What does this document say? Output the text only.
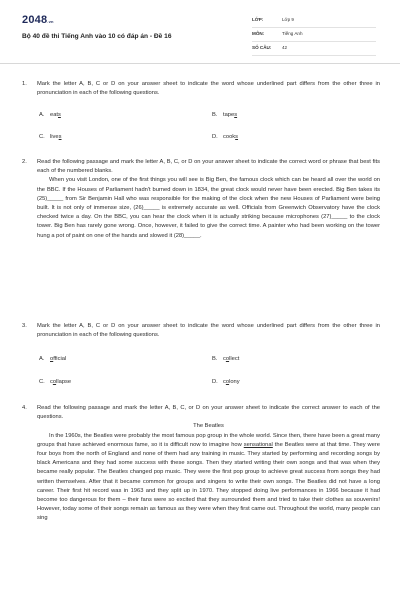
2048.vn
Bộ 40 đề thi Tiếng Anh vào 10 có đáp án - Đề 16
LỚP:	Lớp 9
MÔN:	Tiếng Anh
SỐ CÂU: 42
1.	Mark the letter A, B, C or D on your answer sheet to indicate the word whose underlined part differs from the other three in pronunciation in each of the following questions.

A. eats	B. tapes
C. lives	D. cooks
2.	Read the following passage and mark the letter A, B, C, or D on your answer sheet to indicate the correct word or phrase that best fits each of the numbered blanks.

When you visit London, one of the first things you will see is Big Ben, the famous clock which can be heard all over the world on the BBC. If the Houses of Parliament hadn't burned down in 1834, the great clock would never have been erected. Big Ben takes its (25)_____ from Sir Benjamin Hall who was responsible for the making of the clock when the new Houses of Parliament were being built. It is not only of immense size, (26)_____ is extremely accurate as well. Officials from Greenwich Observatory have the clock checked twice a day. On the BBC, you can hear the clock when it is actually striking because microphones (27)_____ to the clock tower. Big Ben has rarely gone wrong. Once, however, it failed to give the correct time. A painter who had been working on the tower hung a pot of paint on one of the hands and slowed it (28)_____.

3.	Mark the letter A, B, C or D on your answer sheet to indicate the word whose underlined part differs from the other three in pronunciation in each of the following questions.

A. official	B. collect
C. collapse	D. colony
4.	Read the following passage and mark the letter A, B, C, or D on your answer sheet to indicate the correct answer to each of the questions.

The Beatles

In the 1960s, the Beatles were probably the most famous pop group in the whole world. Since then, there have been a great many groups that have achieved enormous fame, so it is difficult now to imagine how sensational the Beatles were at that time. They were four boys from the north of England and none of them had any training in music. They started by performing and recording songs by black Americans and they had some success with these songs. Then they started writing their own songs and that was when they became really popular. The Beatles changed pop music. They were the first pop group to achieve great success from songs they had written themselves. After that it became common for groups and singers to write their own songs. The Beatles did not have a long career. Their first hit record was in 1963 and they split up in 1970. They stopped doing live performances in 1966 because it had become too dangerous for them – their fans were so excited that they surrounded them and tried to take their clothes as souvenirs! However, today some of their songs remain as famous as they were when they first came out. Throughout the world, many people can sing
